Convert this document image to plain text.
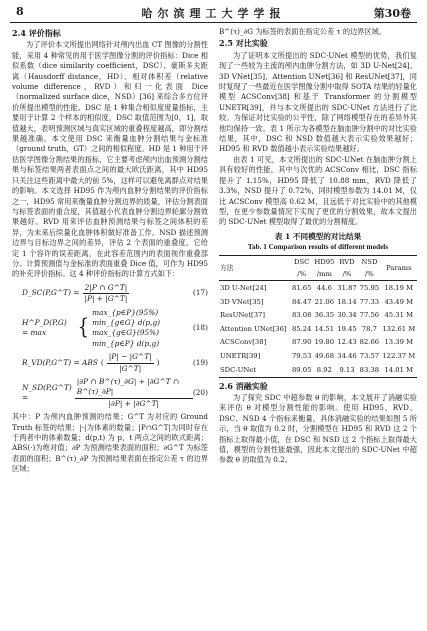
8	哈尔滨理工大学学报	第30卷
2.4 评价指标

为了评价本文所提出网络针对颅内出血 CT 图像的分割性能，采用 4 种常见的用于医学图像分割的评价指标：Dice 相似系数（dice similarity coefficient，DSC）、豪斯多夫距离（Hausdorff distance，HD）、相对体积差（relative volume difference，RVD）和归一化表面 Dice（normalized surface dice，NSD）[36] 来综合多方位评价所提出模型的性能。DSC 是 1 种集合相似度度量指标，主要用于计算 2 个样本的相似度，DSC 取值范围为[0，1]，取值越大，表明预测区域与真实区域的重叠程度越高，即分割结果越准确。本文使用 DSC 来衡量血肿分割结果与金标准（ground truth，GT）之间的相似程度。HD 是 1 种用于评估医学图像分割结果的指标，它主要考虑颅内出血预测分割结果与标签结果两者表面点之间的最大欧氏距离，其中 HD95 只关注这些距离中最大的前 5%，这样可以避免离群点对结果的影响。本文选择 HD95 作为颅内血肿分割结果的评价指标之一，HD95 常用来衡量血肿分割边界的质量，评估分割表面与标签表面的重合度，其值越小代表血肿分割边界轮廓分割效果越好。RVD 用来评估血肿预测结果与标签之间体积的差异，为未来后续量化血肿体积做好准备工作。NSD 描述预测边界与目标边界之间的差异，评估 2 个表面的重叠度，它给定 1 个容许的误差距离，在此容差范围内的表面视作重叠部分。计算预测值与金标准的表面重叠 Dice 值，可作为 HD95 的补充评价指标。这 4 种评价指标的计算方式如下：

D_SC(P,G^T) = $\frac{2|P \cap G\^{}T|}{|P| + |G\^{}T|}$	(17)
H^P_D(P,G) = max	{
max_{p∈P}(95%) min_{g∈G} d(p,g)
max_{g∈G}(95%) min_{p∈P} d(p,g)
(18)
R_VD(P,G^T) = ABS ( $\frac{|P| - |G\^{}T|}{|G\^{}T|}$ )	(19)
N_SD(P,G^T) =	$\frac{|\partial P \cap B\^{}(\tau)\_\partial G| + |\partial G\^{}T \cap B\^{}(\tau)\_\partial P|}{|\partial P| + |\partial G\^{}T|} (20)$

其中：P 为颅内血肿预测的结果；G^T 为对应的 Ground Truth 标签的结果；|·|为体素的数量；|P∩G^T|为同时存在于两者中的体素数量；d(p,t) 为 p，t 两点之间的欧式距离；ABS(·)为绝对值；∂P 为预测结果表面的面积；∂G^T 为标签表面的面积；B^(τ)_∂P 为预测结果表面在指定公差 τ 的边界区域；

B^(τ)_∂G 为标签的表面在指定公差 τ 的边界区域。

2.5 对比实验

为了证明本文所提出的 SDC-UNet 模型的优势，我们复现了一些较为主流的颅内血肿分割方法，如 3D U-Net[24]、3D VNet[35]、Attention UNet[36] 和 ResUNet[37]，同时复现了一些最近在医学图像分割中取得 SOTA 结果的轻量化模型 ACSConv[38] 和基于 Transformer 的分割模型 UNETR[39]，并与本文所提出的 SDC-UNet 方法进行了比较。为保证对比实验的公平性，除了网络模型存在的差异外其他均保持一致。表 1 所示为各模型在脑血肿分割中的对比实验结果，其中，DSC 和 NSD 数值越大表示实验效果越好；HD95 和 RVD 数值越小表示实验结果越好。

由表 1 可见，本文所提出的 SDC-UNet 在脑血肿分割上具有较好的性能，其中与次优的 ACSConv 相比，DSC 指标提升了 1.15%，HD95 降低了 10.88 mm，RVD 降低了 3.3%，NSD 提升了 0.72%，同时模型参数为 14.01 M，仅比 ACSConv 模型高 0.62 M，且远低于对比实验中的其他模型，在更少参数量情况下实现了更优的分割效果，故本文提出的 SDC-UNet 模型取得了最优的分割精度。

表 1 不同模型的对比结果
Tab. 1 Comparison results of different models
方法	DSC	HD95	RVD	NSD	Params
	/%	/mm	/%	/%	
3D U-Net[24]	81.65	44.6	31.87	75.95	18.19 M
3D VNet[35]	84.47	21.06	18.14	77.33	43.49 M
ResUNet[37]	83.08	36.35	30.34	77.56	45.31 M
Attention UNet[36]	85.24	14.51	19.45	78.7	132.61 M
ACSConv[38]	87.90	19.80	12.43	82.66	13.39 M
UNETR[39]	79.53	49.68	34.46	73.57	122.37 M
SDC-UNet	89.05	8.92	9.13	83.38	14.01 M
2.6 消融实验

为了探究 SDC 中超参数 θ 的影响，本文展开了消融实验来评估 θ 对模型分割性能的影响。使用 HD95、RVD、DSC、NSD 4 个指标来衡量，具体消融实验的结果如图 5 所示，当 θ 取值为 0.2 时，分割模型在 HD95 和 RVD 这 2 个指标上取得最小值，在 DSC 和 NSD 这 2 个指标上取得最大值，模型的分割性能最强，因此本文提出的 SDC-UNet 中超参数 θ 的取值为 0.2。
